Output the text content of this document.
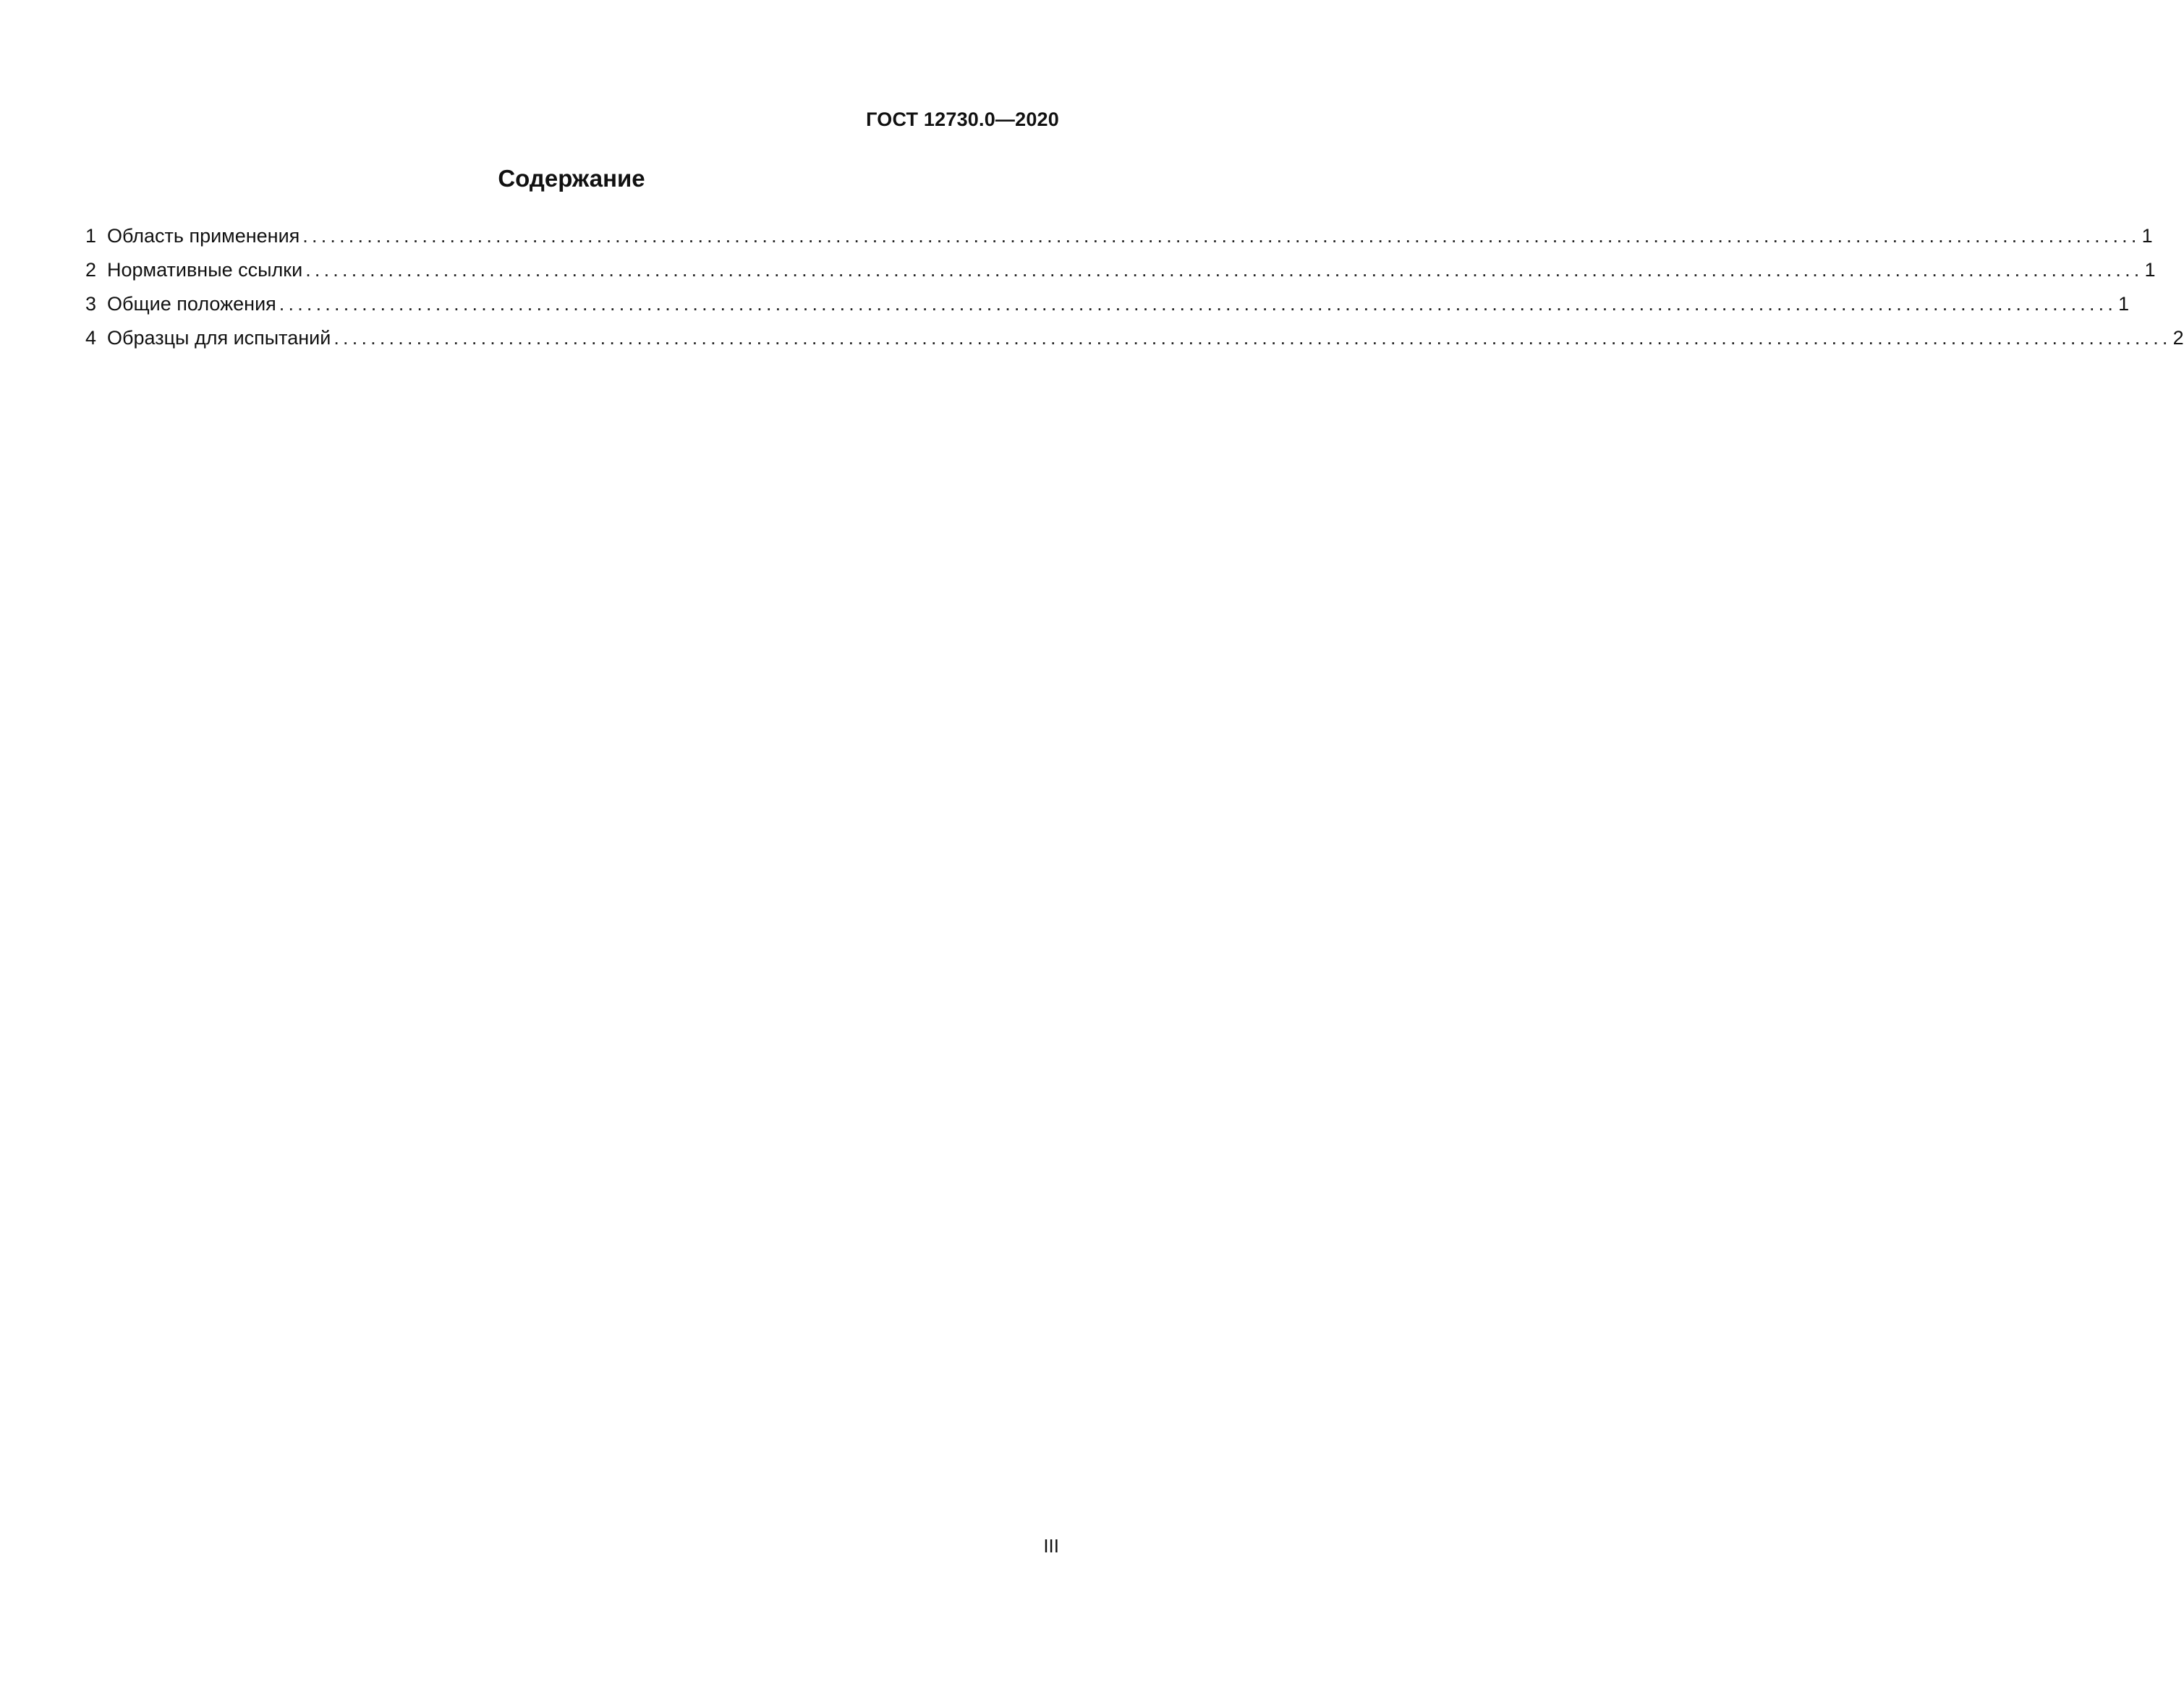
ГОСТ 12730.0—2020
Содержание
1 Область применения ........................................................................................................................................................................................................ 1
2 Нормативные ссылки ........................................................................................................................................................................................................ 1
3 Общие положения ........................................................................................................................................................................................................ 1
4 Образцы для испытаний ........................................................................................................................................................................................................ 2
III
